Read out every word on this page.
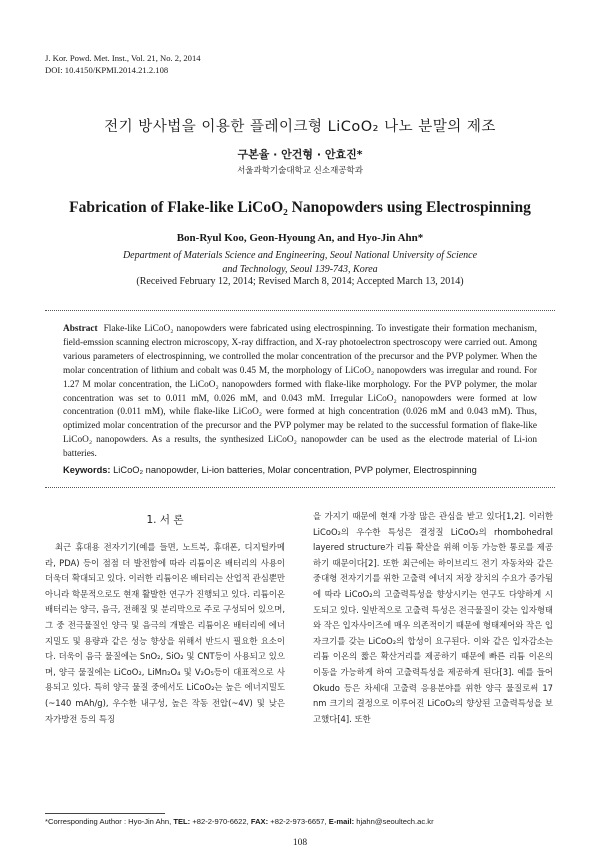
J. Kor. Powd. Met. Inst., Vol. 21, No. 2, 2014
DOI: 10.4150/KPMI.2014.21.2.108
전기 방사법을 이용한 플레이크형 LiCoO₂ 나노 분말의 제조
구본율 · 안건형 · 안효진*
서울과학기술대학교 신소재공학과
Fabrication of Flake-like LiCoO₂ Nanopowders using Electrospinning
Bon-Ryul Koo, Geon-Hyoung An, and Hyo-Jin Ahn*
Department of Materials Science and Engineering, Seoul National University of Science
and Technology, Seoul 139-743, Korea
(Received February 12, 2014; Revised March 8, 2014; Accepted March 13, 2014)
Abstract Flake-like LiCoO₂ nanopowders were fabricated using electrospinning. To investigate their formation mechanism, field-emssion scanning electron microscopy, X-ray diffraction, and X-ray photoelectron spectroscopy were carried out. Among various parameters of electrospinning, we controlled the molar concentration of the precursor and the PVP polymer. When the molar concentration of lithium and cobalt was 0.45 M, the morphology of LiCoO₂ nanopowders was irregular and round. For 1.27 M molar concentration, the LiCoO₂ nanopowders formed with flake-like morphology. For the PVP polymer, the molar concentration was set to 0.011 mM, 0.026 mM, and 0.043 mM. Irregular LiCoO₂ nanopowders were formed at low concentration (0.011 mM), while flake-like LiCoO₂ were formed at high concentration (0.026 mM and 0.043 mM). Thus, optimized molar concentration of the precursor and the PVP polymer may be related to the successful formation of flake-like LiCoO₂ nanopowders. As a results, the synthesized LiCoO₂ nanopowder can be used as the electrode material of Li-ion batteries.
Keywords: LiCoO₂ nanopowder, Li-ion batteries, Molar concentration, PVP polymer, Electrospinning
1. 서 론

최근 휴대용 전자기기(예를 들면, 노트북, 휴대폰, 디지털카메라, PDA) 등이 점점 더 발전함에 따라 리튬이온 배터리의 사용이 더욱더 확대되고 있다. 이러한 리튬이온 배터리는 산업적 관심뿐만 아니라 학문적으로도 현재 활발한 연구가 진행되고 있다. 리튬이온 배터리는 양극, 음극, 전해질 및 분리막으로 주로 구성되어 있으며, 그 중 전극물질인 양극 및 음극의 개발은 리튬이온 배터리에 에너지밀도 및 용량과 같은 성능 향상을 위해서 반드시 필요한 요소이다. 더욱이 음극 물질에는 SnO₂, SiO₂ 및 CNT등이 사용되고 있으며, 양극 물질에는 LiCoO₂, LiMn₂O₄ 및 V₂O₅등이 대표적으로 사용되고 있다. 특히 양극 물질 중에서도 LiCoO₂는 높은 에너지밀도(~140 mAh/g), 우수한 내구성, 높은 작동 전압(~4V) 및 낮은 자가방전 등의 특징

을 가지기 때문에 현재 가장 많은 관심을 받고 있다[1,2]. 이러한 LiCoO₂의 우수한 특성은 결정질 LiCoO₂의 rhombohedral layered structure가 리튬 확산을 위해 이동 가능한 통로를 제공하기 때문이다[2]. 또한 최근에는 하이브리드 전기 자동차와 같은 중대형 전자기기를 위한 고출력 에너지 저장 장치의 수요가 증가됨에 따라 LiCoO₂의 고출력특성을 향상시키는 연구도 다양하게 시도되고 있다. 일반적으로 고출력 특성은 전극물질이 갖는 입자형태와 작은 입자사이즈에 매우 의존적이기 때문에 형태제어와 작은 입자크기를 갖는 LiCoO₂의 합성이 요구된다. 이와 같은 입자감소는 리튬 이온의 짧은 확산거리를 제공하기 때문에 빠른 리튬 이온의 이동을 가능하게 하여 고출력특성을 제공하게 된다[3]. 예를 들어 Okudo 등은 차세대 고출력 응용분야를 위한 양극 물질로써 17 nm 크기의 결정으로 이루어진 LiCoO₂의 향상된 고출력특성을 보고했다[4]. 또한

*Corresponding Author : Hyo-Jin Ahn, TEL: +82-2-970-6622, FAX: +82-2-973-6657, E-mail: hjahn@seoultech.ac.kr
108
